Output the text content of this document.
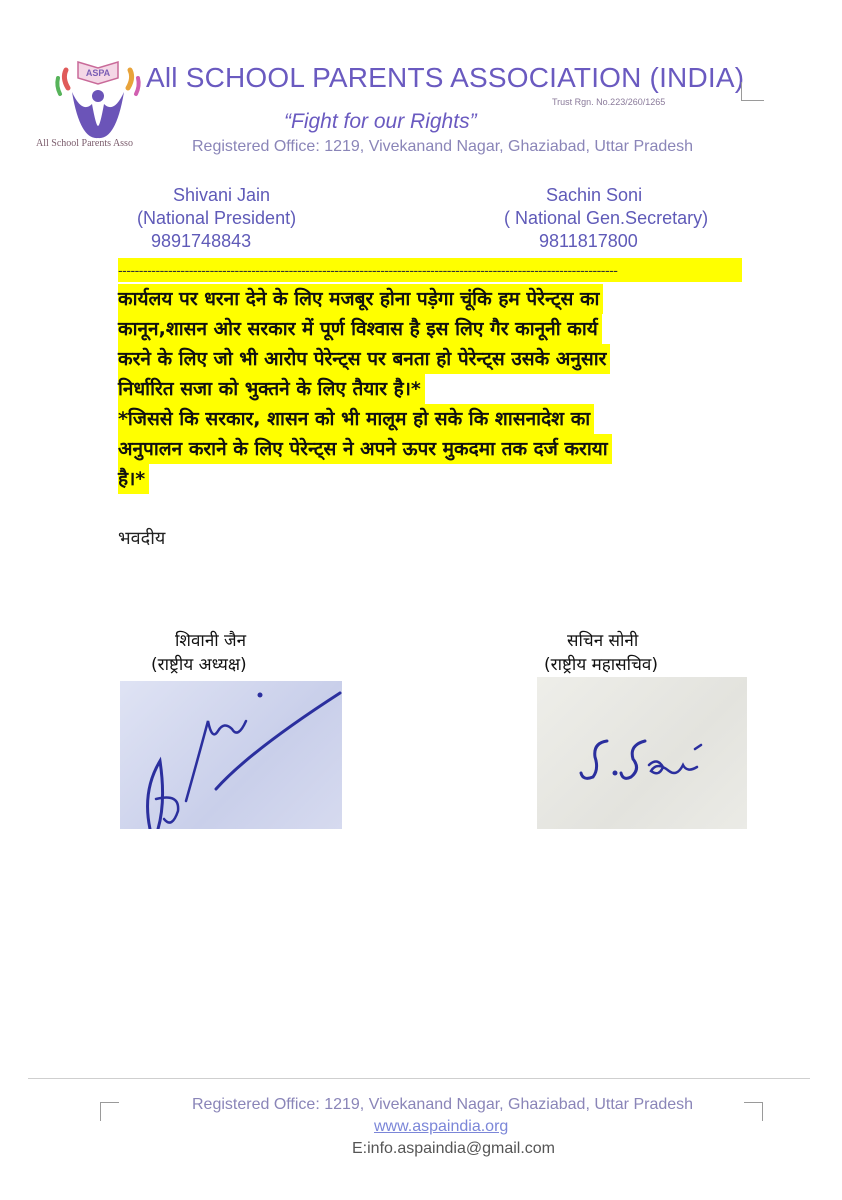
ASPA
All School Parents Asso
All SCHOOL PARENTS ASSOCIATION (INDIA)
Trust Rgn. No.223/260/1265
“Fight for our Rights”
Registered Office: 1219, Vivekanand Nagar, Ghaziabad, Uttar Pradesh
Shivani Jain
(National President)
9891748843
Sachin Soni
( National Gen.Secretary)
9811817800
------------------------------------------------------------------------------------------------------------------------
कार्यलय पर धरना देने के लिए मजबूर होना पड़ेगा चूंकि हम पेरेन्ट्स का
कानून,शासन ओर सरकार में पूर्ण विश्वास है इस लिए गैर कानूनी कार्य
करने के लिए जो भी आरोप पेरेन्ट्स पर बनता हो पेरेन्ट्स उसके अनुसार
निर्धारित सजा को भुक्तने के लिए तैयार है।*
*जिससे कि सरकार, शासन को भी मालूम हो सके कि शासनादेश का
अनुपालन कराने के लिए पेरेन्ट्स ने अपने ऊपर मुकदमा तक दर्ज कराया
है।*
भवदीय
शिवानी जैन
(राष्ट्रीय अध्यक्ष)
सचिन सोनी
(राष्ट्रीय महासचिव)
Registered Office: 1219, Vivekanand Nagar, Ghaziabad, Uttar Pradesh
www.aspaindia.org
E:info.aspaindia@gmail.com
